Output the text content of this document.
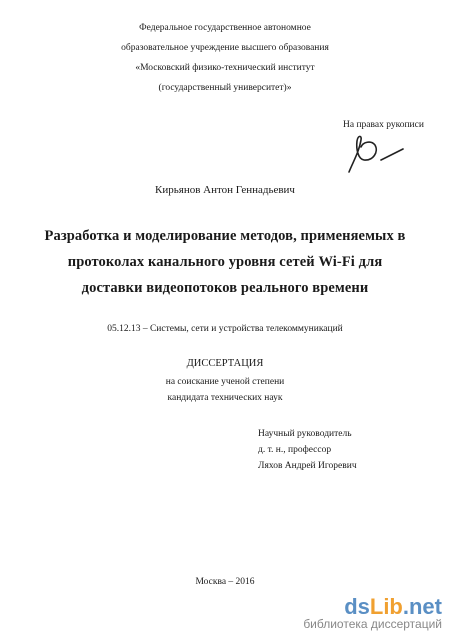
Федеральное государственное автономное
образовательное учреждение высшего образования
«Московский физико-технический институт
(государственный университет)»
На правах рукописи
Кирьянов Антон Геннадьевич
Разработка и моделирование методов, применяемых в
протоколах канального уровня сетей Wi-Fi для
доставки видеопотоков реального времени
05.12.13 – Системы, сети и устройства телекоммуникаций
ДИССЕРТАЦИЯ
на соискание ученой степени
кандидата технических наук
Научный руководитель
д. т. н., профессор
Ляхов Андрей Игоревич
Москва – 2016
dsLib.net
библиотека диссертаций
